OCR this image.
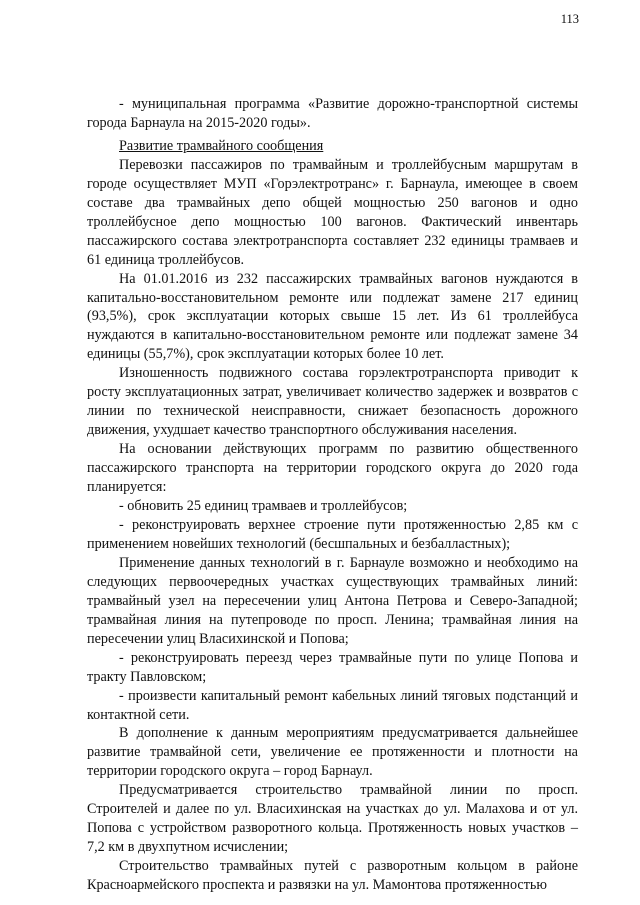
113

- муниципальная программа «Развитие дорожно-транспортной системы города Барнаула на 2015-2020 годы».

Развитие трамвайного сообщения

Перевозки пассажиров по трамвайным и троллейбусным маршрутам в городе осуществляет МУП «Горэлектротранс» г. Барнаула, имеющее в своем составе два трамвайных депо общей мощностью 250 вагонов и одно троллейбусное депо мощностью 100 вагонов. Фактический инвентарь пассажирского состава электротранспорта составляет 232 единицы трамваев и 61 единица троллейбусов.

На 01.01.2016 из 232 пассажирских трамвайных вагонов нуждаются в капитально-восстановительном ремонте или подлежат замене 217 единиц (93,5%), срок эксплуатации которых свыше 15 лет. Из 61 троллейбуса нуждаются в капитально-восстановительном ремонте или подлежат замене 34 единицы (55,7%), срок эксплуатации которых более 10 лет.

Изношенность подвижного состава горэлектротранспорта приводит к росту эксплуатационных затрат, увеличивает количество задержек и возвратов с линии по технической неисправности, снижает безопасность дорожного движения, ухудшает качество транспортного обслуживания населения.

На основании действующих программ по развитию общественного пассажирского транспорта на территории городского округа до 2020 года планируется:

- обновить 25 единиц трамваев и троллейбусов;

- реконструировать верхнее строение пути протяженностью 2,85 км с применением новейших технологий (бесшпальных и безбалластных);

Применение данных технологий в г. Барнауле возможно и необходимо на следующих первоочередных участках существующих трамвайных линий: трамвайный узел на пересечении улиц Антона Петрова и Северо-Западной; трамвайная линия на путепроводе по просп. Ленина; трамвайная линия на пересечении улиц Власихинской и Попова;

- реконструировать переезд через трамвайные пути по улице Попова и тракту Павловском;

- произвести капитальный ремонт кабельных линий тяговых подстанций и контактной сети.

В дополнение к данным мероприятиям предусматривается дальнейшее развитие трамвайной сети, увеличение ее протяженности и плотности на территории городского округа – город Барнаул.

Предусматривается строительство трамвайной линии по просп. Строителей и далее по ул. Власихинская на участках до ул. Малахова и от ул. Попова с устройством разворотного кольца. Протяженность новых участков – 7,2 км в двухпутном исчислении;

Строительство трамвайных путей с разворотным кольцом в районе Красноармейского проспекта и развязки на ул. Мамонтова протяженностью
